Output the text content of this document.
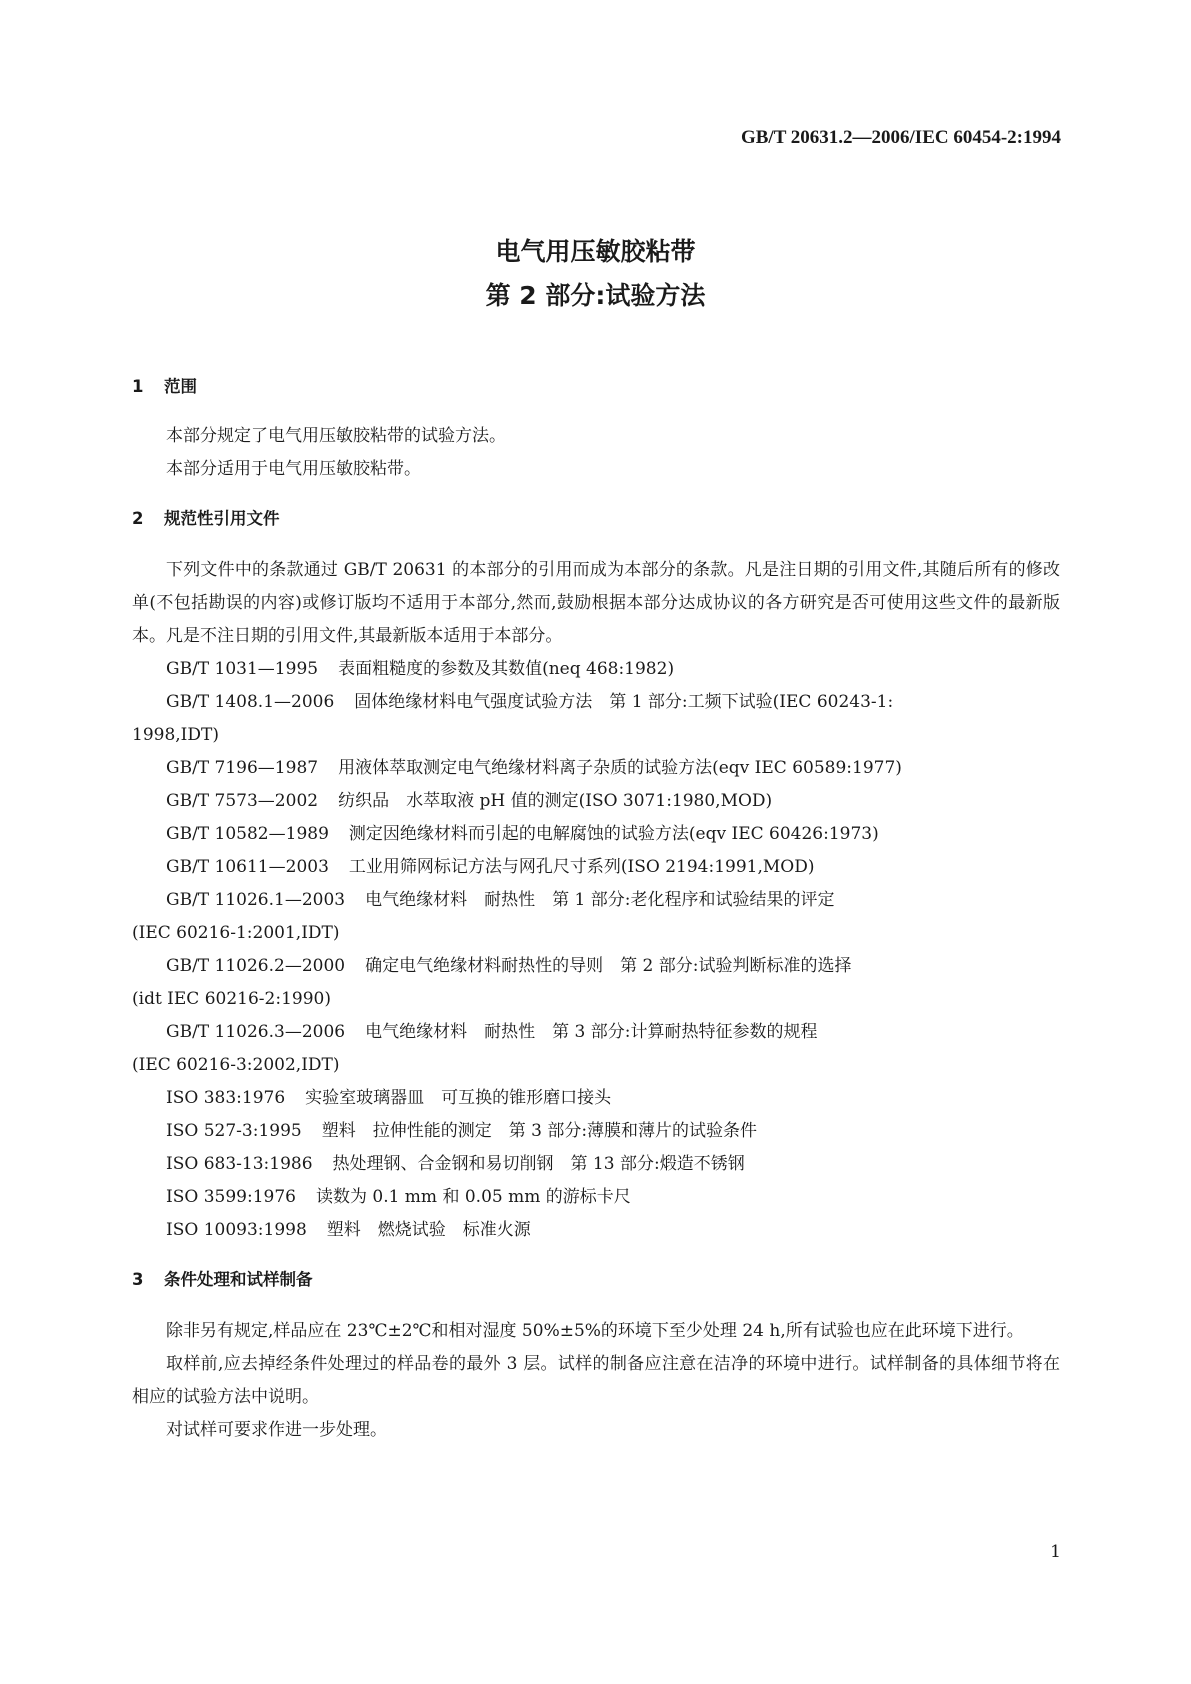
GB/T 20631.2—2006/IEC 60454-2:1994
电气用压敏胶粘带
第 2 部分:试验方法
1 范围

本部分规定了电气用压敏胶粘带的试验方法。

本部分适用于电气用压敏胶粘带。

2 规范性引用文件

下列文件中的条款通过 GB/T 20631 的本部分的引用而成为本部分的条款。凡是注日期的引用文件,其随后所有的修改单(不包括勘误的内容)或修订版均不适用于本部分,然而,鼓励根据本部分达成协议的各方研究是否可使用这些文件的最新版本。凡是不注日期的引用文件,其最新版本适用于本部分。

GB/T 1031—1995 表面粗糙度的参数及其数值(neq 468:1982)

GB/T 1408.1—2006 固体绝缘材料电气强度试验方法　第 1 部分:工频下试验(IEC 60243-1:

1998,IDT)

GB/T 7196—1987 用液体萃取测定电气绝缘材料离子杂质的试验方法(eqv IEC 60589:1977)

GB/T 7573—2002 纺织品　水萃取液 pH 值的测定(ISO 3071:1980,MOD)

GB/T 10582—1989 测定因绝缘材料而引起的电解腐蚀的试验方法(eqv IEC 60426:1973)

GB/T 10611—2003 工业用筛网标记方法与网孔尺寸系列(ISO 2194:1991,MOD)

GB/T 11026.1—2003 电气绝缘材料　耐热性　第 1 部分:老化程序和试验结果的评定

(IEC 60216-1:2001,IDT)

GB/T 11026.2—2000 确定电气绝缘材料耐热性的导则　第 2 部分:试验判断标准的选择

(idt IEC 60216-2:1990)

GB/T 11026.3—2006 电气绝缘材料　耐热性　第 3 部分:计算耐热特征参数的规程

(IEC 60216-3:2002,IDT)

ISO 383:1976 实验室玻璃器皿　可互换的锥形磨口接头

ISO 527-3:1995 塑料　拉伸性能的测定　第 3 部分:薄膜和薄片的试验条件

ISO 683-13:1986 热处理钢、合金钢和易切削钢　第 13 部分:煅造不锈钢

ISO 3599:1976 读数为 0.1 mm 和 0.05 mm 的游标卡尺

ISO 10093:1998 塑料　燃烧试验　标准火源

3 条件处理和试样制备

除非另有规定,样品应在 23℃±2℃和相对湿度 50%±5%的环境下至少处理 24 h,所有试验也应在此环境下进行。

取样前,应去掉经条件处理过的样品卷的最外 3 层。试样的制备应注意在洁净的环境中进行。试样制备的具体细节将在相应的试验方法中说明。

对试样可要求作进一步处理。

1
